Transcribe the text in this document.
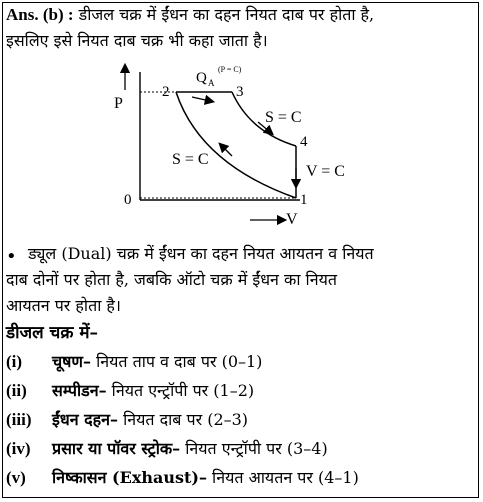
Ans. (b) : डीजल चक्र में ईंधन का दहन नियत दाब पर होता है,
इसलिए इसे नियत दाब चक्र भी कहा जाता है।
P
V
0	1
2	3
4
Q A
(P = C)
S = C
S = C
V = C
• ड्यूल (Dual) चक्र में ईंधन का दहन नियत आयतन व नियत
दाब दोनों पर होता है, जबकि ऑटो चक्र में ईंधन का नियत
आयतन पर होता है।
डीजल चक्र में–
(i) चूषण– नियत ताप व दाब पर (0–1)
(ii) सम्पीडन– नियत एन्ट्रॉपी पर (1–2)
(iii) ईंधन दहन– नियत दाब पर (2–3)
(iv) प्रसार या पॉवर स्ट्रोक– नियत एन्ट्रॉपी पर (3–4)
(v) निष्कासन (Exhaust)– नियत आयतन पर (4–1)
